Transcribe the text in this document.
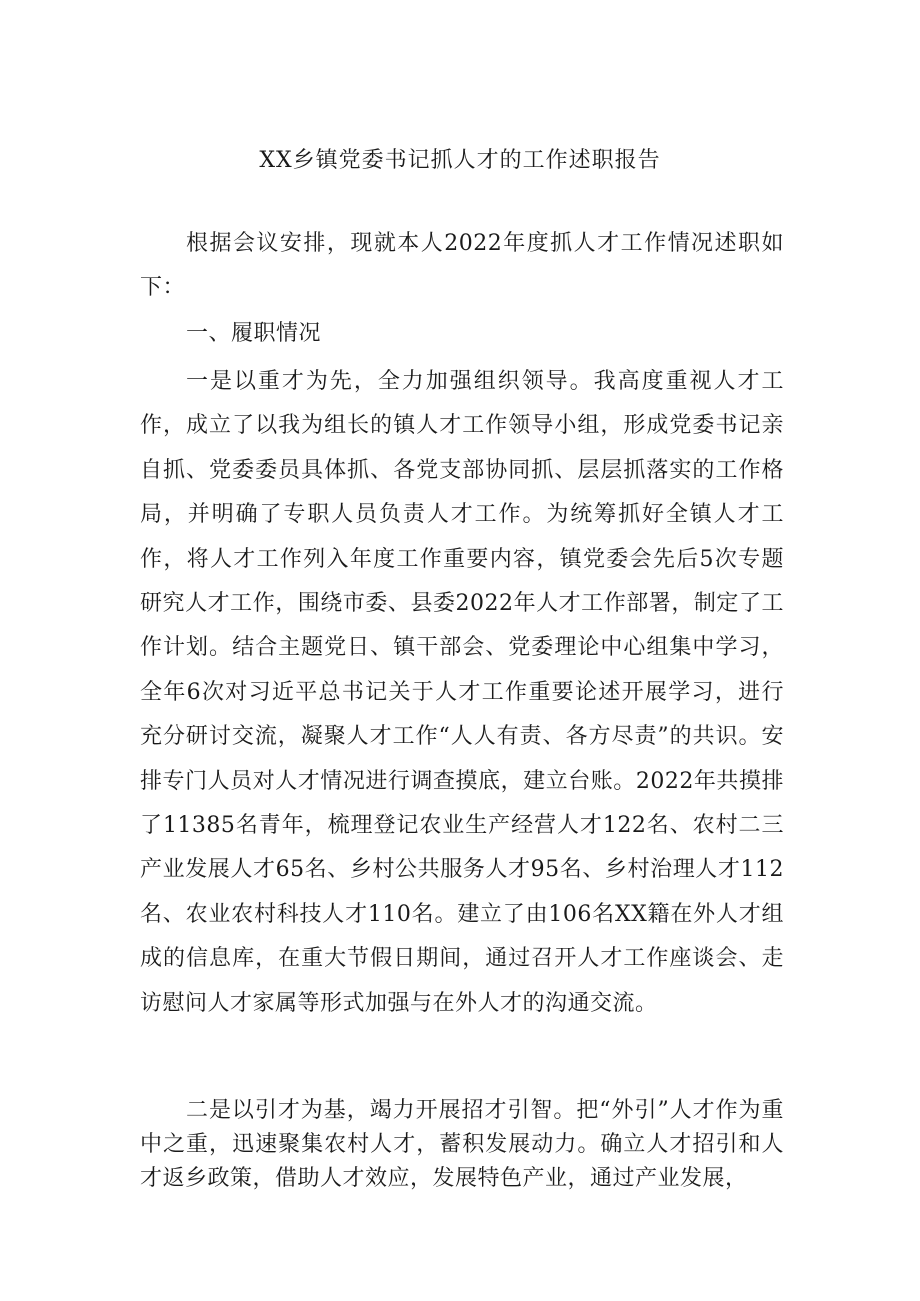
XX乡镇党委书记抓人才的工作述职报告

根据会议安排，现就本人2022年度抓人才工作情况述职如下：

一、履职情况

一是以重才为先，全力加强组织领导。我高度重视人才工作，成立了以我为组长的镇人才工作领导小组，形成党委书记亲自抓、党委委员具体抓、各党支部协同抓、层层抓落实的工作格局，并明确了专职人员负责人才工作。为统筹抓好全镇人才工作，将人才工作列入年度工作重要内容，镇党委会先后5次专题研究人才工作，围绕市委、县委2022年人才工作部署，制定了工作计划。结合主题党日、镇干部会、党委理论中心组集中学习，全年6次对习近平总书记关于人才工作重要论述开展学习，进行充分研讨交流，凝聚人才工作“人人有责、各方尽责”的共识。安排专门人员对人才情况进行调查摸底，建立台账。2022年共摸排了11385名青年，梳理登记农业生产经营人才122名、农村二三产业发展人才65名、乡村公共服务人才95名、乡村治理人才112名、农业农村科技人才110名。建立了由106名XX籍在外人才组成的信息库，在重大节假日期间，通过召开人才工作座谈会、走访慰问人才家属等形式加强与在外人才的沟通交流。

二是以引才为基，竭力开展招才引智。把“外引”人才作为重中之重，迅速聚集农村人才，蓄积发展动力。确立人才招引和人才返乡政策，借助人才效应，发展特色产业，通过产业发展，
